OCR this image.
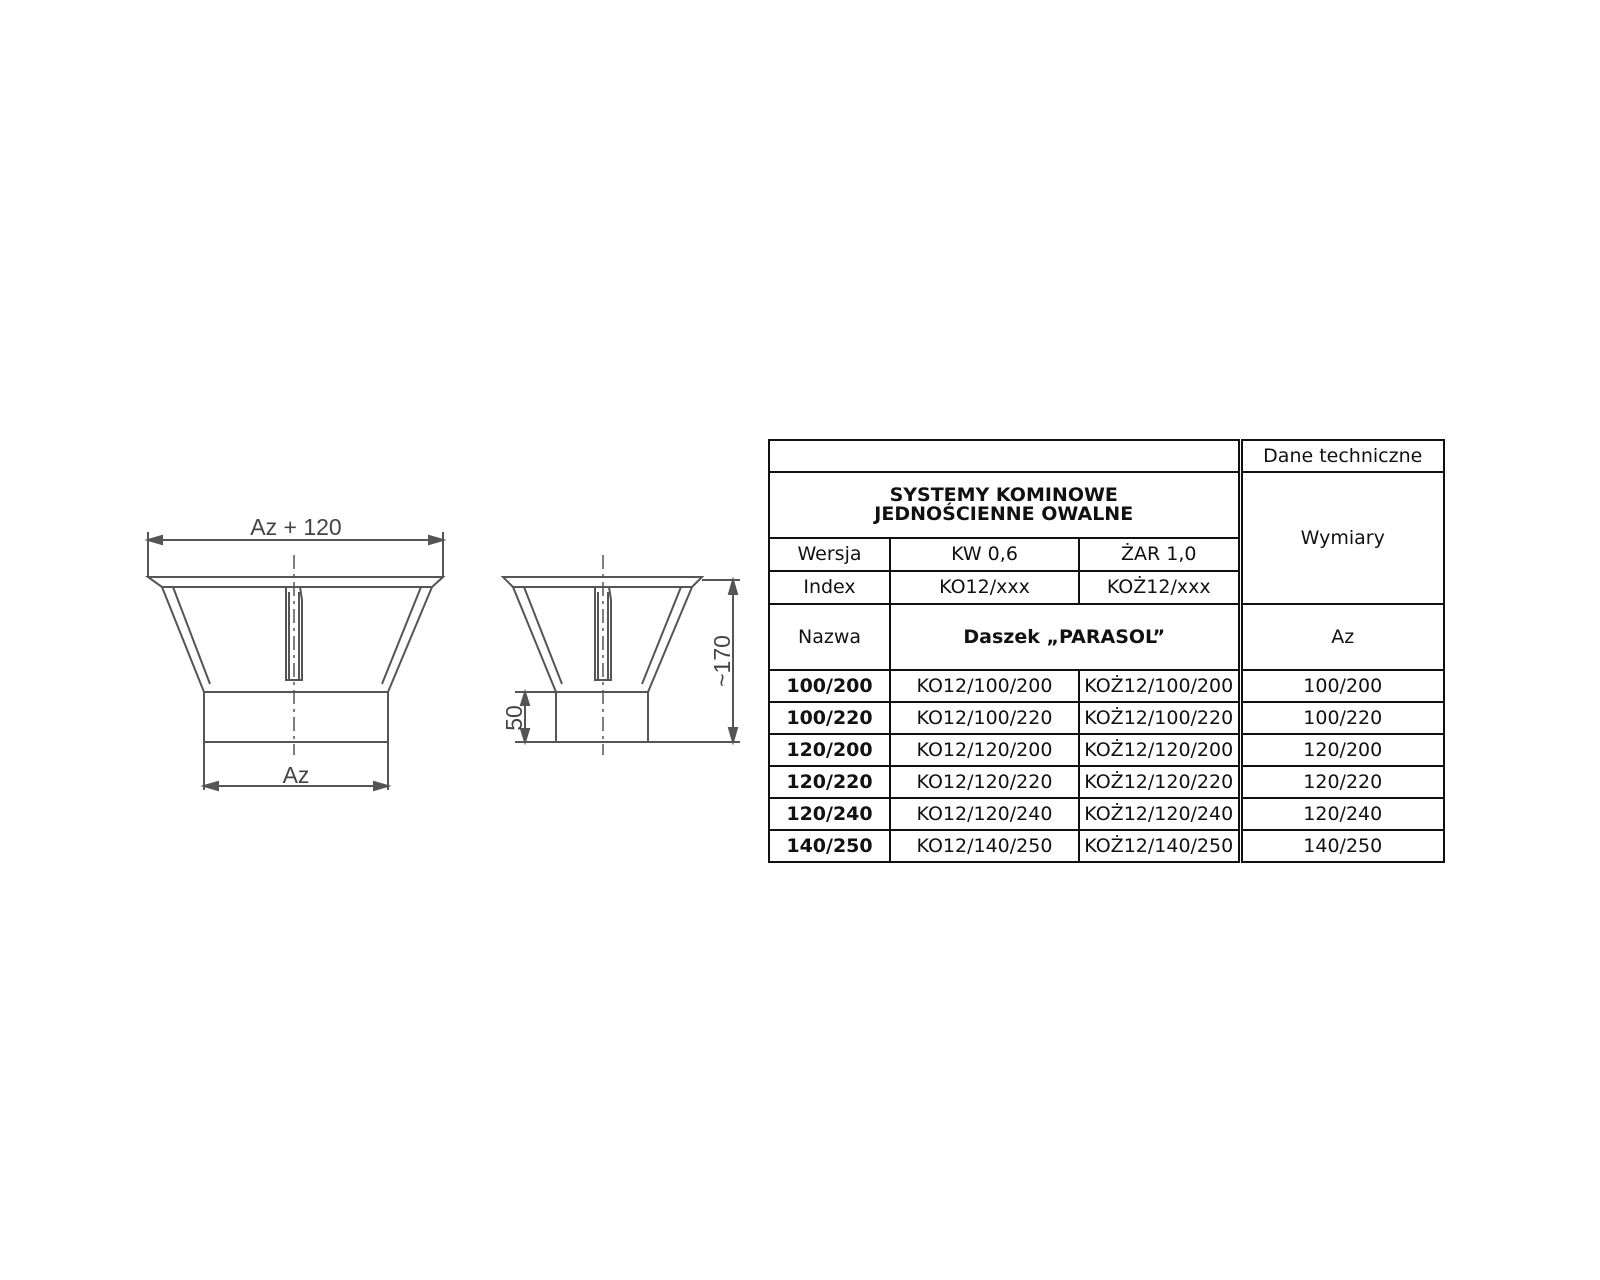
Az + 120
Az
~170
50
			Dane techniczne

SYSTEMY KOMINOWE
JEDNOŚCIENNE OWALNE			Wymiary
Wersja	KW 0,6	ŻAR 1,0	
Index	KO12/xxx	KOŻ12/xxx	
Nazwa	Daszek „PARASOL”		Az
100/200	KO12/100/200	KOŻ12/100/200	100/200
100/220	KO12/100/220	KOŻ12/100/220	100/220
120/200	KO12/120/200	KOŻ12/120/200	120/200
120/220	KO12/120/220	KOŻ12/120/220	120/220
120/240	KO12/120/240	KOŻ12/120/240	120/240
140/250	KO12/140/250	KOŻ12/140/250	140/250
